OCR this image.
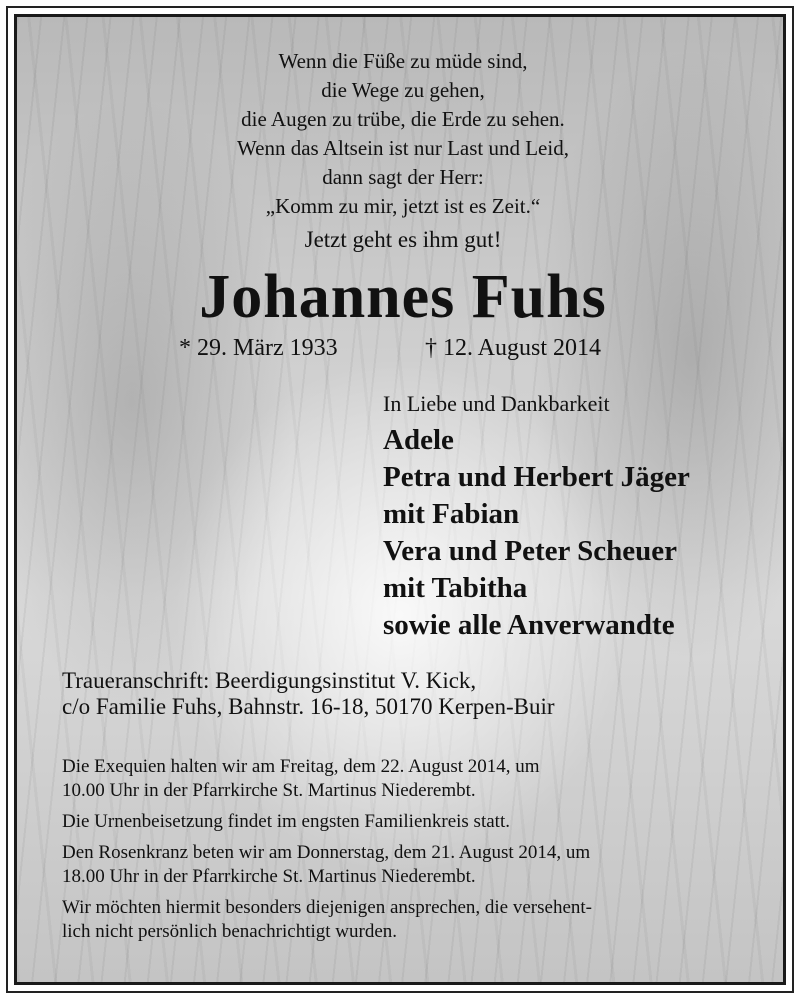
Wenn die Füße zu müde sind,
die Wege zu gehen,
die Augen zu trübe, die Erde zu sehen.
Wenn das Altsein ist nur Last und Leid,
dann sagt der Herr:
„Komm zu mir, jetzt ist es Zeit.“
Jetzt geht es ihm gut!
Johannes Fuhs
* 29. März 1933	† 12. August 2014
In Liebe und Dankbarkeit
Adele
Petra und Herbert Jäger
mit Fabian
Vera und Peter Scheuer
mit Tabitha
sowie alle Anverwandte
Traueranschrift: Beerdigungsinstitut V. Kick,
c/o Familie Fuhs, Bahnstr. 16-18, 50170 Kerpen-Buir
Die Exequien halten wir am Freitag, dem 22. August 2014, um
10.00 Uhr in der Pfarrkirche St. Martinus Niederembt.
Die Urnenbeisetzung findet im engsten Familienkreis statt.
Den Rosenkranz beten wir am Donnerstag, dem 21. August 2014, um
18.00 Uhr in der Pfarrkirche St. Martinus Niederembt.
Wir möchten hiermit besonders diejenigen ansprechen, die versehent-
lich nicht persönlich benachrichtigt wurden.
